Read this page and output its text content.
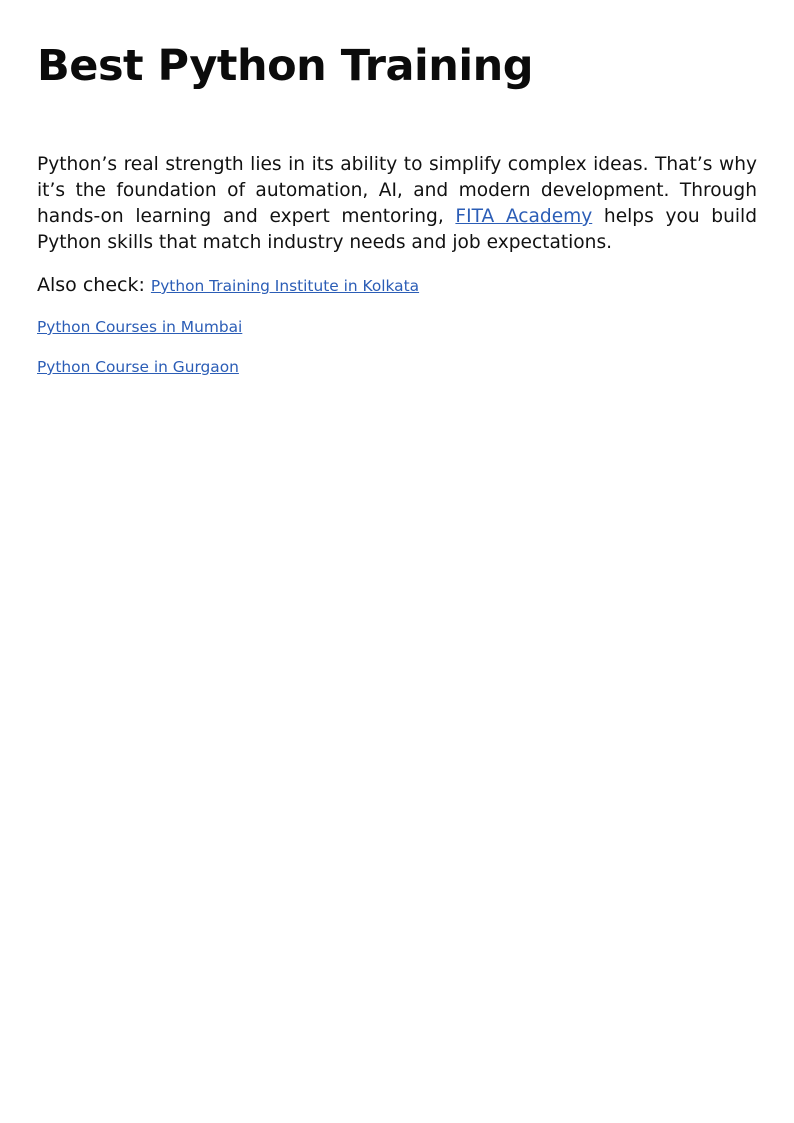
Best Python Training

Python’s real strength lies in its ability to simplify complex ideas. That’s why it’s the foundation of automation, AI, and modern development. Through hands-on learning and expert mentoring, FITA Academy helps you build Python skills that match industry needs and job expectations.

Also check: Python Training Institute in Kolkata

Python Courses in Mumbai

Python Course in Gurgaon
